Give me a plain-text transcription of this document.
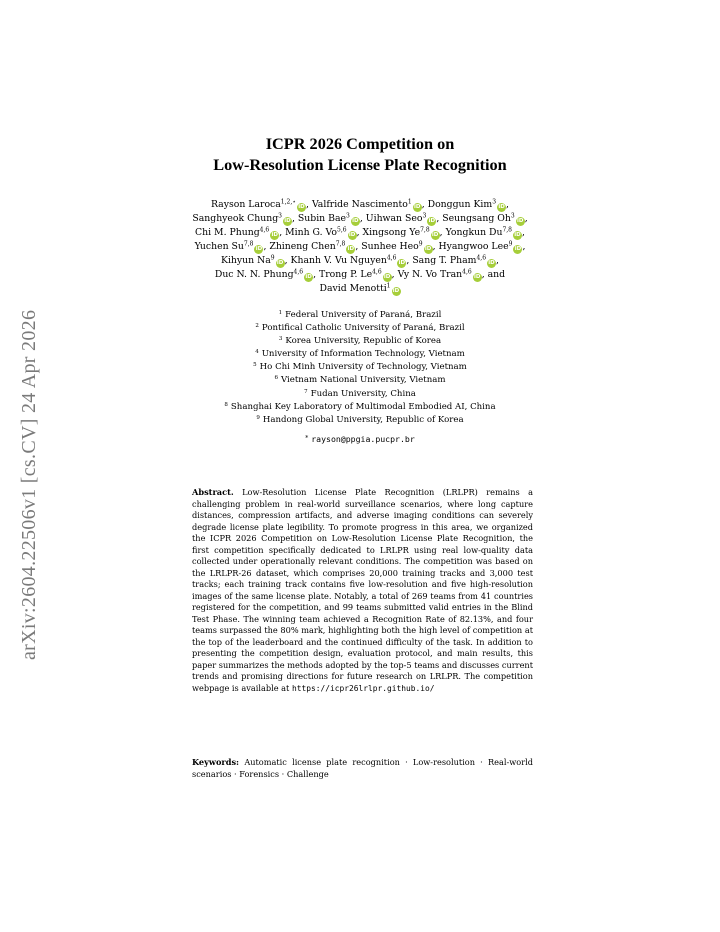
arXiv:2604.22506v1 [cs.CV] 24 Apr 2026
ICPR 2026 Competition on
Low-Resolution License Plate Recognition
Rayson Laroca$^{1,2,⋆}$iD, Valfride Nascimento$^1$iD, Donggun Kim$^3$iD,
Sanghyeok Chung$^3$iD, Subin Bae$^3$iD, Uihwan Seo$^3$iD, Seungsang Oh$^3$iD,
Chi M. Phung$^{4,6}$iD, Minh G. Vo$^{5,6}$iD, Xingsong Ye$^{7,8}$iD, Yongkun Du$^{7,8}$iD,
Yuchen Su$^{7,8}$iD, Zhineng Chen$^{7,8}$iD, Sunhee Heo$^9$iD, Hyangwoo Lee$^9$iD,
Kihyun Na$^9$iD, Khanh V. Vu Nguyen$^{4,6}$iD, Sang T. Pham$^{4,6}$iD,
Duc N. N. Phung$^{4,6}$iD, Trong P. Le$^{4,6}$iD, Vy N. Vo Tran$^{4,6}$iD, and
David Menotti$^1$iD
$^1$ Federal University of Paraná, Brazil
$^2$ Pontifical Catholic University of Paraná, Brazil
$^3$ Korea University, Republic of Korea
$^4$ University of Information Technology, Vietnam
$^5$ Ho Chi Minh University of Technology, Vietnam
$^6$ Vietnam National University, Vietnam
$^7$ Fudan University, China
$^8$ Shanghai Key Laboratory of Multimodal Embodied AI, China
$^9$ Handong Global University, Republic of Korea
* rayson@ppgia.pucpr.br
Abstract. Low-Resolution License Plate Recognition (LRLPR) remains a challenging problem in real-world surveillance scenarios, where long capture distances, compression artifacts, and adverse imaging conditions can severely degrade license plate legibility. To promote progress in this area, we organized the ICPR 2026 Competition on Low-Resolution License Plate Recognition, the first competition specifically dedicated to LRLPR using real low-quality data collected under operationally relevant conditions. The competition was based on the LRLPR-26 dataset, which comprises 20,000 training tracks and 3,000 test tracks; each training track contains five low-resolution and five high-resolution images of the same license plate. Notably, a total of 269 teams from 41 countries registered for the competition, and 99 teams submitted valid entries in the Blind Test Phase. The winning team achieved a Recognition Rate of 82.13%, and four teams surpassed the 80% mark, highlighting both the high level of competition at the top of the leaderboard and the continued difficulty of the task. In addition to presenting the competition design, evaluation protocol, and main results, this paper summarizes the methods adopted by the top-5 teams and discusses current trends and promising directions for future research on LRLPR. The competition webpage is available at https://icpr26lrlpr.github.io/
Keywords: Automatic license plate recognition · Low-resolution · Real-world scenarios · Forensics · Challenge
